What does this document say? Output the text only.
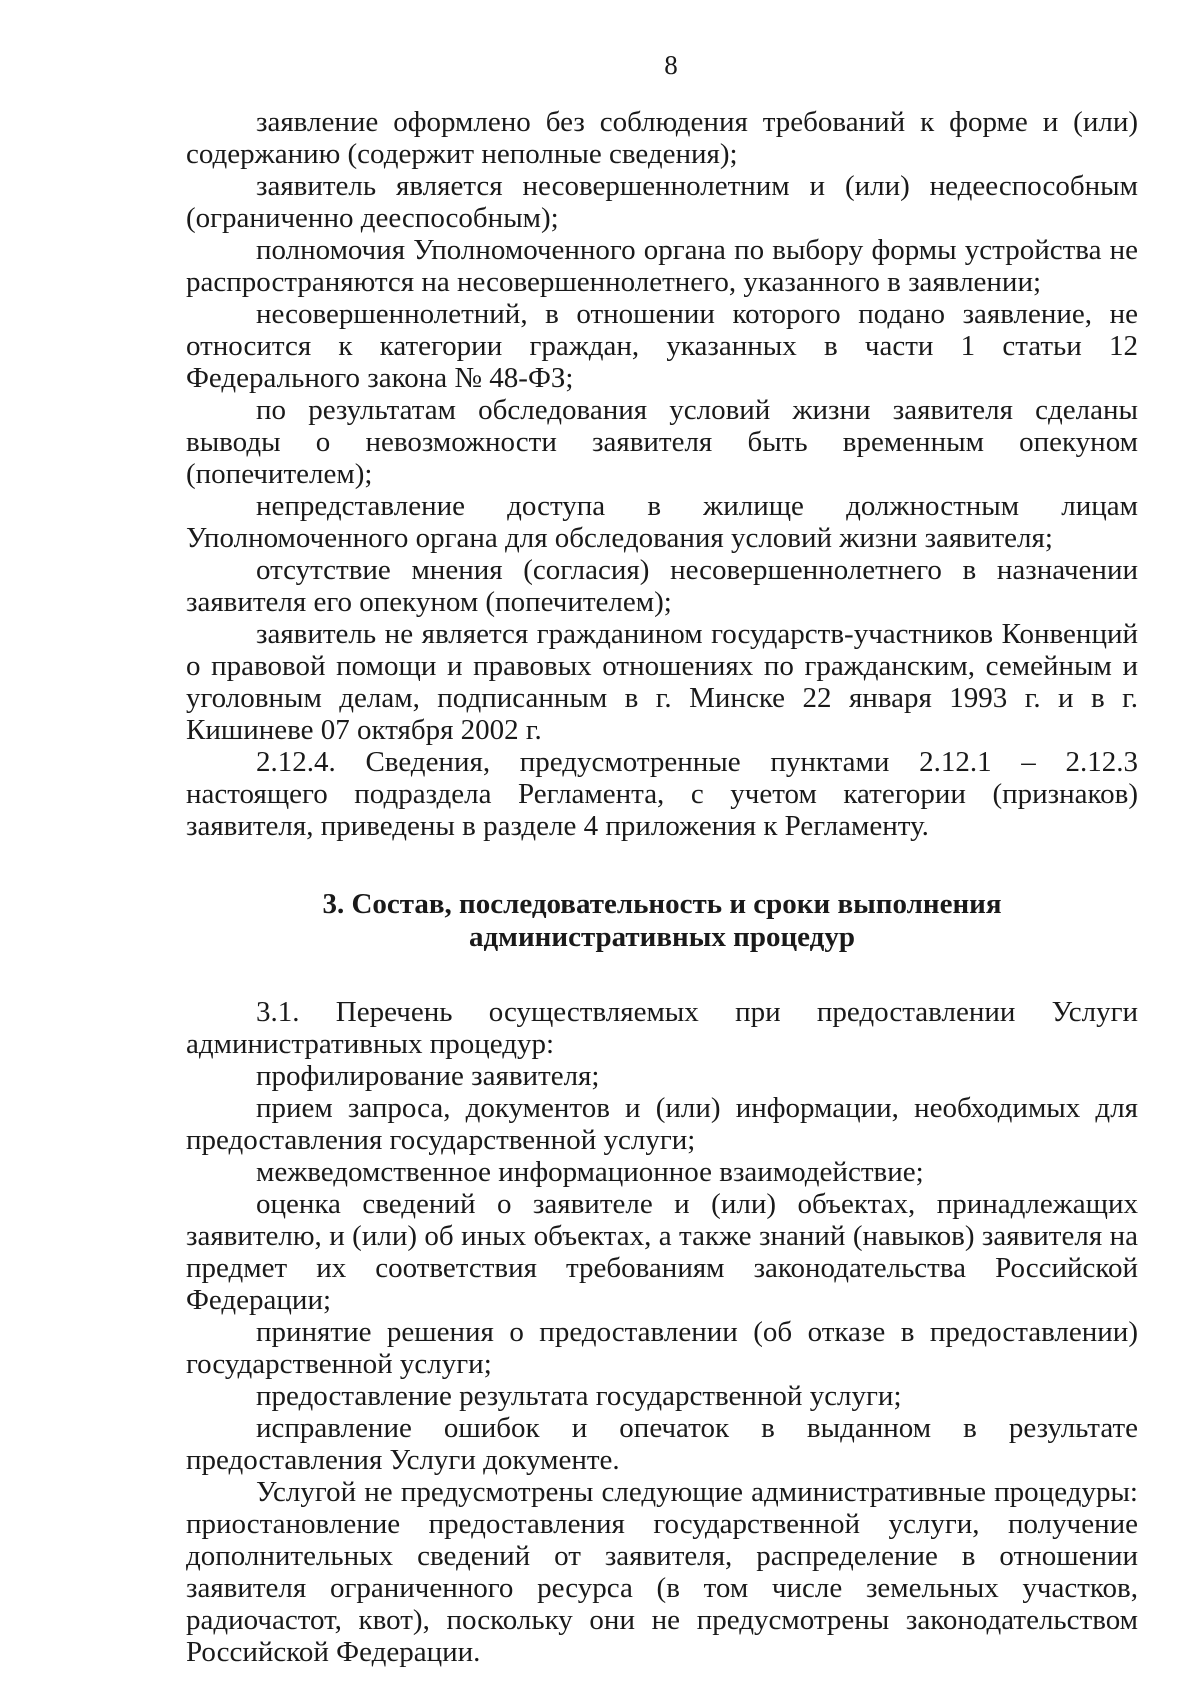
8

заявление оформлено без соблюдения требований к форме и (или) содержанию (содержит неполные сведения);

заявитель является несовершеннолетним и (или) недееспособным (ограниченно дееспособным);

полномочия Уполномоченного органа по выбору формы устройства не распространяются на несовершеннолетнего, указанного в заявлении;

несовершеннолетний, в отношении которого подано заявление, не относится к категории граждан, указанных в части 1 статьи 12 Федерального закона № 48-ФЗ;

по результатам обследования условий жизни заявителя сделаны выводы о невозможности заявителя быть временным опекуном (попечителем);

непредставление доступа в жилище должностным лицам Уполномоченного органа для обследования условий жизни заявителя;

отсутствие мнения (согласия) несовершеннолетнего в назначении заявителя его опекуном (попечителем);

заявитель не является гражданином государств-участников Конвенций о правовой помощи и правовых отношениях по гражданским, семейным и уголовным делам, подписанным в г. Минске 22 января 1993 г. и в г. Кишиневе 07 октября 2002 г.

2.12.4. Сведения, предусмотренные пунктами 2.12.1 – 2.12.3 настоящего подраздела Регламента, с учетом категории (признаков) заявителя, приведены в разделе 4 приложения к Регламенту.

3. Состав, последовательность и сроки выполнения
административных процедур

3.1. Перечень осуществляемых при предоставлении Услуги административных процедур:

профилирование заявителя;

прием запроса, документов и (или) информации, необходимых для предоставления государственной услуги;

межведомственное информационное взаимодействие;

оценка сведений о заявителе и (или) объектах, принадлежащих заявителю, и (или) об иных объектах, а также знаний (навыков) заявителя на предмет их соответствия требованиям законодательства Российской Федерации;

принятие решения о предоставлении (об отказе в предоставлении) государственной услуги;

предоставление результата государственной услуги;

исправление ошибок и опечаток в выданном в результате предоставления Услуги документе.

Услугой не предусмотрены следующие административные процедуры: приостановление предоставления государственной услуги, получение дополнительных сведений от заявителя, распределение в отношении заявителя ограниченного ресурса (в том числе земельных участков, радиочастот, квот), поскольку они не предусмотрены законодательством Российской Федерации.
